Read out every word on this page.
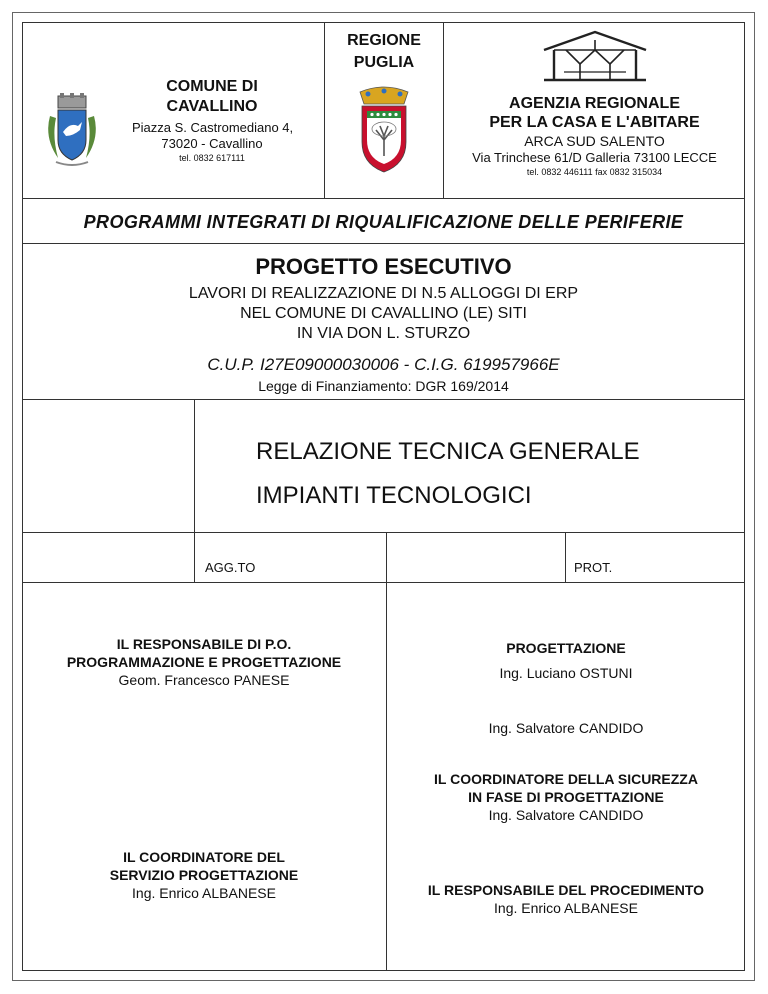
COMUNE DI
CAVALLINO
Piazza S. Castromediano 4,
73020 - Cavallino
tel. 0832 617111
REGIONE
PUGLIA
AGENZIA REGIONALE
PER LA CASA E L'ABITARE
ARCA SUD SALENTO
Via Trinchese 61/D Galleria 73100 LECCE
tel. 0832 446111 fax 0832 315034
PROGRAMMI INTEGRATI DI RIQUALIFICAZIONE DELLE PERIFERIE
PROGETTO ESECUTIVO
LAVORI DI REALIZZAZIONE DI N.5 ALLOGGI DI ERP
NEL COMUNE DI CAVALLINO (LE) SITI
IN VIA DON L. STURZO
C.U.P. I27E09000030006 - C.I.G. 619957966E
Legge di Finanziamento: DGR 169/2014
RELAZIONE TECNICA GENERALE
IMPIANTI TECNOLOGICI
AGG.TO	PROT.
IL RESPONSABILE DI P.O.
PROGRAMMAZIONE E PROGETTAZIONE
Geom. Francesco PANESE
IL COORDINATORE DEL
SERVIZIO PROGETTAZIONE
Ing. Enrico ALBANESE
PROGETTAZIONE
Ing. Luciano OSTUNI
Ing. Salvatore CANDIDO
IL COORDINATORE DELLA SICUREZZA
IN FASE DI PROGETTAZIONE
Ing. Salvatore CANDIDO
IL RESPONSABILE DEL PROCEDIMENTO
Ing. Enrico ALBANESE
